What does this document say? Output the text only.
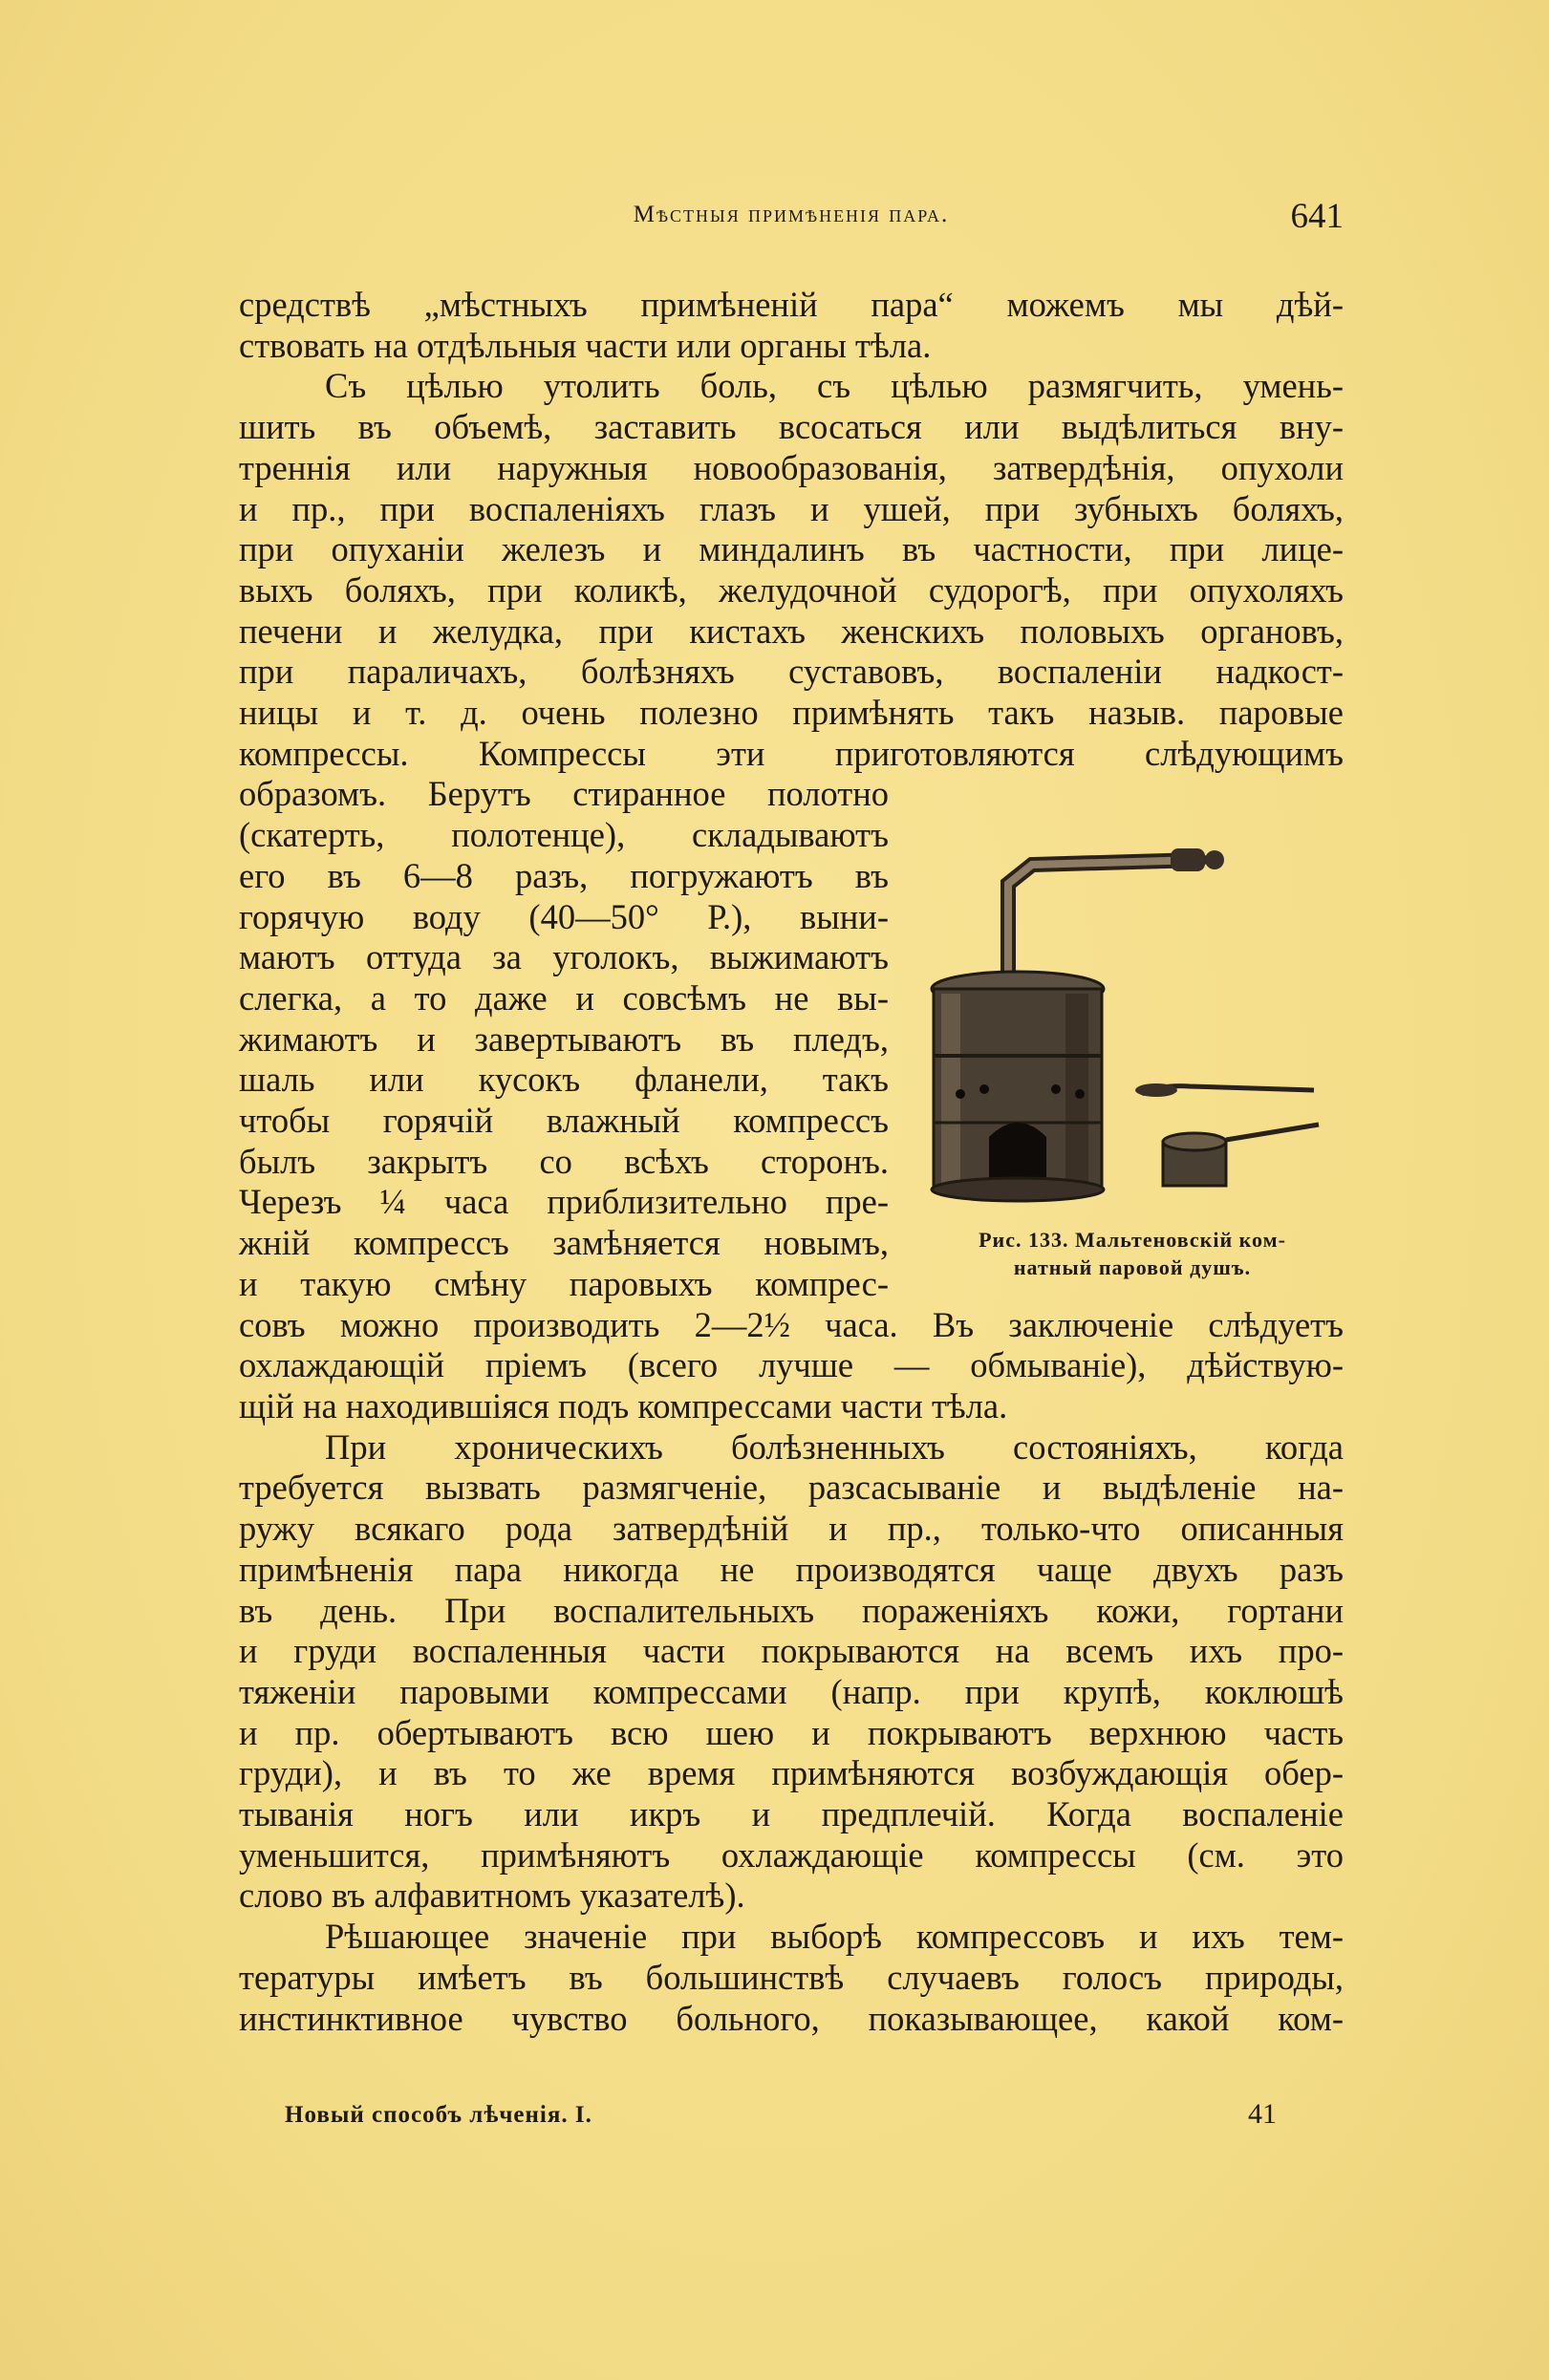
Мѣстныя примѣненія пара.	641

средствѣ „мѣстныхъ примѣненій пара“ можемъ мы дѣй-
ствовать на отдѣльныя части или органы тѣла.

Съ цѣлью утолить боль, съ цѣлью размягчить, умень-
шить въ объемѣ, заставить всосаться или выдѣлиться вну-
треннія или наружныя новообразованія, затвердѣнія, опухоли
и пр., при воспаленіяхъ глазъ и ушей, при зубныхъ боляхъ,
при опуханіи железъ и миндалинъ въ частности, при лице-
выхъ боляхъ, при коликѣ, желудочной судорогѣ, при опухоляхъ
печени и желудка, при кистахъ женскихъ половыхъ органовъ,
при параличахъ, болѣзняхъ суставовъ, воспаленіи надкост-
ницы и т. д. очень полезно примѣнять такъ назыв. паровые
компрессы. Компрессы эти приготовляются слѣдующимъ
образомъ. Берутъ стиранное полотно
(скатерть, полотенце), складываютъ
его въ 6—8 разъ, погружаютъ въ
горячую воду (40—50° Р.), выни-
маютъ оттуда за уголокъ, выжимаютъ
слегка, а то даже и совсѣмъ не вы-
жимаютъ и завертываютъ въ пледъ,
шаль или кусокъ фланели, такъ
чтобы горячій влажный компрессъ
былъ закрытъ со всѣхъ сторонъ.
Черезъ ¼ часа приблизительно пре-
жній компрессъ замѣняется новымъ,
и такую смѣну паровыхъ компрес-
совъ можно производить 2—2½ часа. Въ заключеніе слѣдуетъ
охлаждающій пріемъ (всего лучше — обмываніе), дѣйствую-
щій на находившіяся подъ компрессами части тѣла.

При хроническихъ болѣзненныхъ состояніяхъ, когда
требуется вызвать размягченіе, разсасываніе и выдѣленіе на-
ружу всякаго рода затвердѣній и пр., только-что описанныя
примѣненія пара никогда не производятся чаще двухъ разъ
въ день. При воспалительныхъ пораженіяхъ кожи, гортани
и груди воспаленныя части покрываются на всемъ ихъ про-
тяженіи паровыми компрессами (напр. при крупѣ, коклюшѣ
и пр. обертываютъ всю шею и покрываютъ верхнюю часть
груди), и въ то же время примѣняются возбуждающія обер-
тыванія ногъ или икръ и предплечій. Когда воспаленіе
уменьшится, примѣняютъ охлаждающіе компрессы (см. это
слово въ алфавитномъ указателѣ).

Рѣшающее значеніе при выборѣ компрессовъ и ихъ тем-
тературы имѣетъ въ большинствѣ случаевъ голосъ природы,
инстинктивное чувство больного, показывающее, какой ком-

Рис. 133. Мальтеновскій ком-
натный паровой душъ.
Новый способъ лѣченія. I.	41
